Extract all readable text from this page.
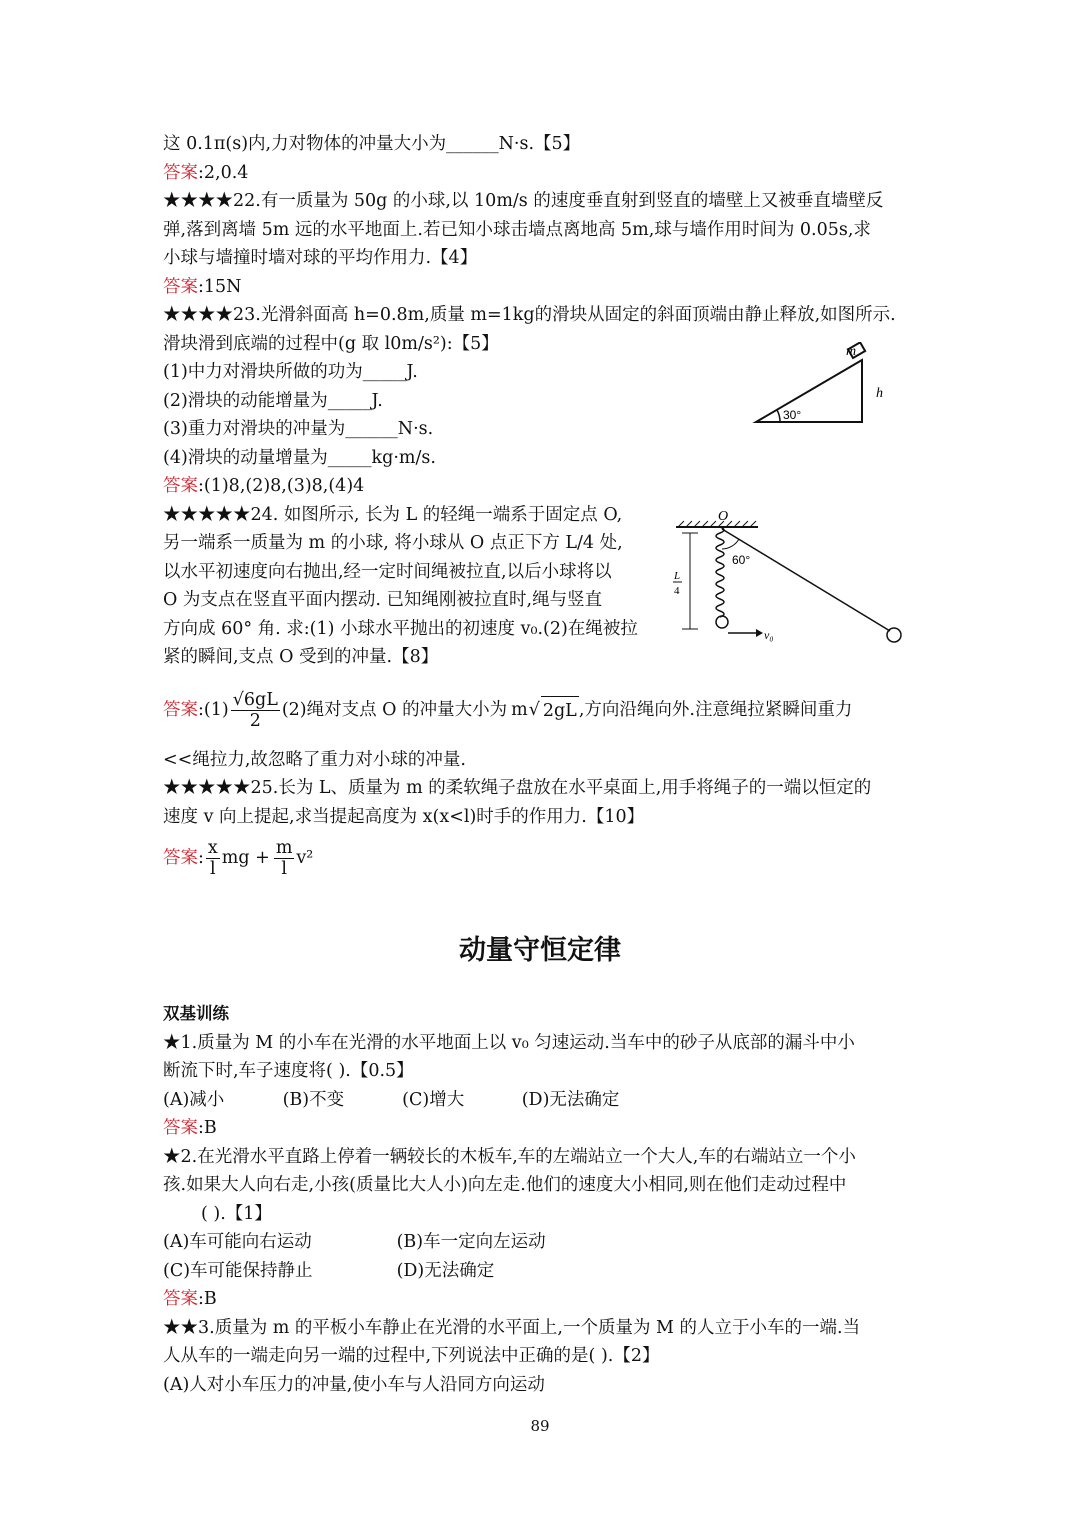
这 0.1π(s)内,力对物体的冲量大小为______N·s.【5】
答案:2,0.4
★★★★22.有一质量为 50g 的小球,以 10m/s 的速度垂直射到竖直的墙壁上又被垂直墙壁反
弹,落到离墙 5m 远的水平地面上.若已知小球击墙点离地高 5m,球与墙作用时间为 0.05s,求
小球与墙撞时墙对球的平均作用力.【4】
答案:15N
★★★★23.光滑斜面高 h=0.8m,质量 m=1kg的滑块从固定的斜面顶端由静止释放,如图所示.
滑块滑到底端的过程中(g 取 l0m/s²):【5】
(1)中力对滑块所做的功为_____J.
(2)滑块的动能增量为_____J.
(3)重力对滑块的冲量为______N·s.
(4)滑块的动量增量为_____kg·m/s.
答案:(1)8,(2)8,(3)8,(4)4
★★★★★24. 如图所示, 长为 L 的轻绳一端系于固定点 O,
另一端系一质量为 m 的小球, 将小球从 O 点正下方 L/4 处,
以水平初速度向右抛出,经一定时间绳被拉直,以后小球将以
O 为支点在竖直平面内摆动. 已知绳刚被拉直时,绳与竖直
方向成 60° 角. 求:(1) 小球水平抛出的初速度 v₀.(2)在绳被拉
紧的瞬间,支点 O 受到的冲量.【8】
答案 : $(1) \frac{√6gL}{2} (2)$绳对支点 O 的冲量大小为 m √ 2gL ,方向沿绳向外.注意绳拉紧瞬间重力
<<绳拉力,故忽略了重力对小球的冲量.
★★★★★25.长为 L、质量为 m 的柔软绳子盘放在水平桌面上,用手将绳子的一端以恒定的
速度 v 向上提起,求当提起高度为 x(x<l)时手的作用力.【10】
答案 : $\frac{x}{l}$ mg + $\frac{m}{l} v^2$
动量守恒定律
双基训练
★1.质量为 M 的小车在光滑的水平地面上以 v₀ 匀速运动.当车中的砂子从底部的漏斗中小
断流下时,车子速度将( ).【0.5】
(A)减小	(B)不变	(C)增大	(D)无法确定
答案:B
★2.在光滑水平直路上停着一辆较长的木板车,车的左端站立一个大人,车的右端站立一个小
孩.如果大人向右走,小孩(质量比大人小)向左走.他们的速度大小相同,则在他们走动过程中
( ).【1】
(A)车可能向右运动	(B)车一定向左运动
(C)车可能保持静止	(D)无法确定
答案:B
★★3.质量为 m 的平板小车静止在光滑的水平面上,一个质量为 M 的人立于小车的一端.当
人从车的一端走向另一端的过程中,下列说法中正确的是( ).【2】
(A)人对小车压力的冲量,使小车与人沿同方向运动
m
h
30°
O
L
4
v₀
60°
89
